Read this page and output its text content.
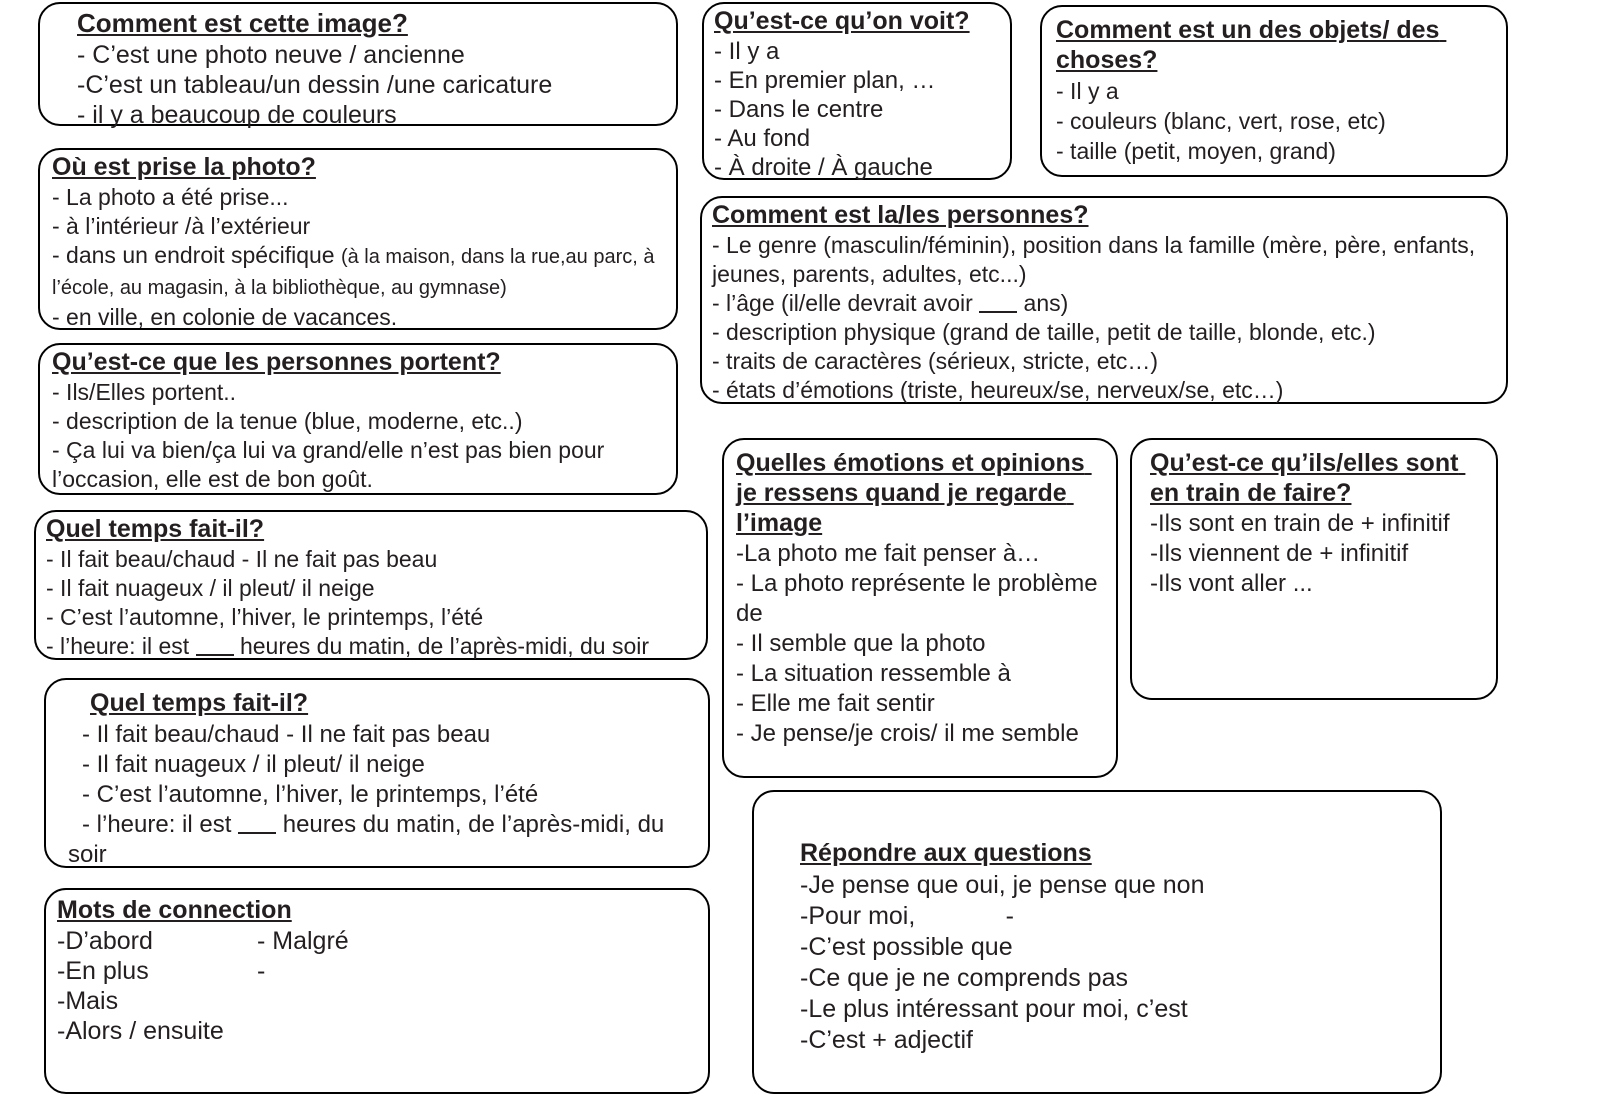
Comment est cette image?
- C’est une photo neuve / ancienne
-C’est un tableau/un dessin /une caricature
- il y a beaucoup de couleurs
Où est prise la photo?
- La photo a été prise...
- à l’intérieur /à l’extérieur
- dans un endroit spécifique (à la maison, dans la rue,au parc, à l’école, au magasin, à la bibliothèque, au gymnase)
- en ville, en colonie de vacances.
Qu’est-ce que les personnes portent?
- Ils/Elles portent..
- description de la tenue (blue, moderne, etc..)
- Ça lui va bien/ça lui va grand/elle n’est pas bien pour l’occasion, elle est de bon goût.
Quel temps fait-il?
- Il fait beau/chaud - Il ne fait pas beau
- Il fait nuageux / il pleut/ il neige
- C’est l’automne, l’hiver, le printemps, l’été
- l’heure: il est  heures du matin, de l’après-midi, du soir
Quel temps fait-il?
- Il fait beau/chaud - Il ne fait pas beau
- Il fait nuageux / il pleut/ il neige
- C’est l’automne, l’hiver, le printemps, l’été
- l’heure: il est  heures du matin, de l’après-midi, du
soir
Mots de connection
-D’abord	- Malgré
-En plus	-
-Mais
-Alors / ensuite
Qu’est-ce qu’on voit?
- Il y a
- En premier plan, …
- Dans le centre
- Au fond
- À droite / À gauche
Comment est un des objets/ des choses?
- Il y a
- couleurs (blanc, vert, rose, etc)
- taille (petit, moyen, grand)
Comment est la/les personnes?
- Le genre (masculin/féminin), position dans la famille (mère, père, enfants, jeunes, parents, adultes, etc...)
- l’âge (il/elle devrait avoir  ans)
- description physique (grand de taille, petit de taille, blonde, etc.)
- traits de caractères (sérieux, stricte, etc…)
- états d’émotions (triste, heureux/se, nerveux/se, etc…)
Quelles émotions et opinions je ressens quand je regarde l’image
-La photo me fait penser à…
- La photo représente le problème de
- Il semble que la photo
- La situation ressemble à
- Elle me fait sentir
- Je pense/je crois/ il me semble
Qu’est-ce qu’ils/elles sont en train de faire?
-Ils sont en train de + infinitif
-Ils viennent de + infinitif
-Ils vont aller ...
Répondre aux questions
-Je pense que oui, je pense que non
-Pour moi,             -
-C’est possible que
-Ce que je ne comprends pas
-Le plus intéressant pour moi, c’est
-C’est + adjectif
